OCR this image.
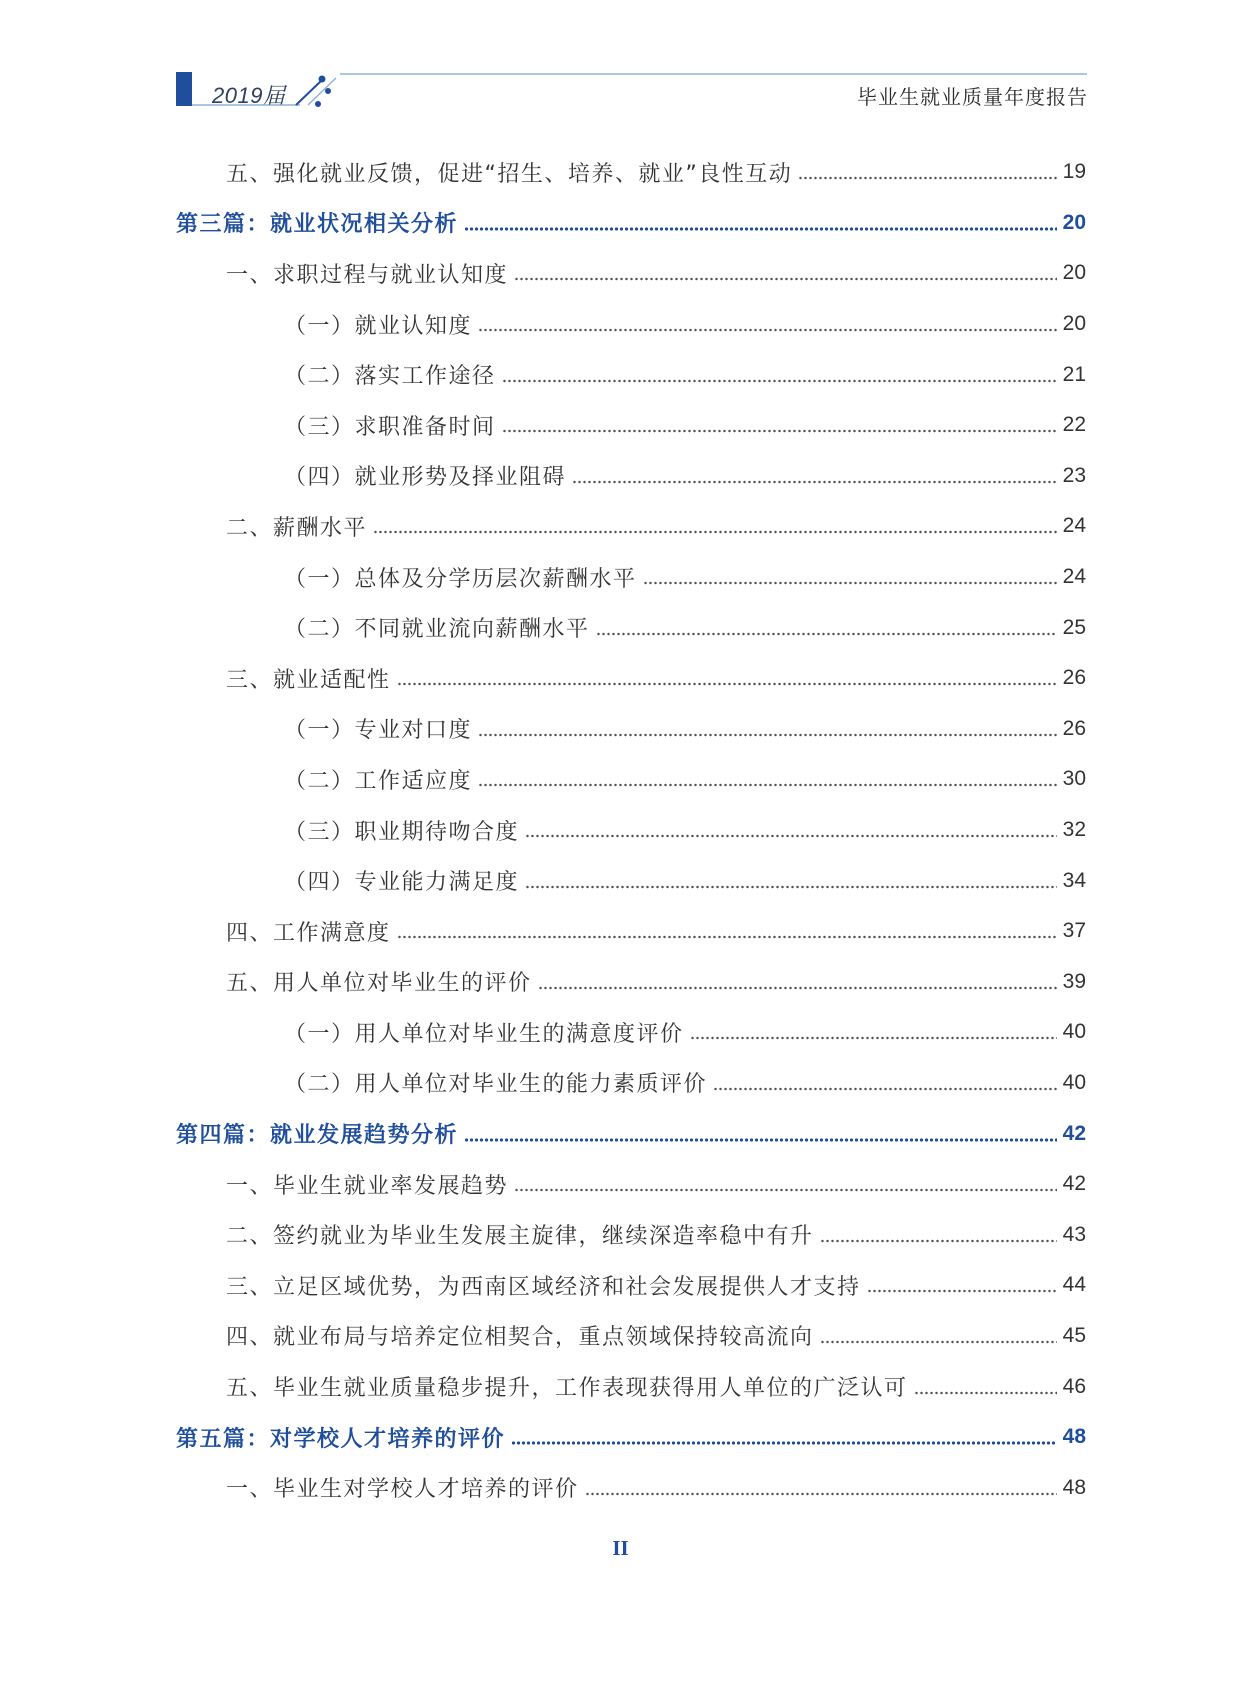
2019届	毕业生就业质量年度报告
五、强化就业反馈，促进“招生、培养、就业”良性互动	19
第三篇：就业状况相关分析	20
一、求职过程与就业认知度	20
（一）就业认知度	20
（二）落实工作途径	21
（三）求职准备时间	22
（四）就业形势及择业阻碍	23
二、薪酬水平	24
（一）总体及分学历层次薪酬水平	24
（二）不同就业流向薪酬水平	25
三、就业适配性	26
（一）专业对口度	26
（二）工作适应度	30
（三）职业期待吻合度	32
（四）专业能力满足度	34
四、工作满意度	37
五、用人单位对毕业生的评价	39
（一）用人单位对毕业生的满意度评价	40
（二）用人单位对毕业生的能力素质评价	40
第四篇：就业发展趋势分析	42
一、毕业生就业率发展趋势	42
二、签约就业为毕业生发展主旋律，继续深造率稳中有升	43
三、立足区域优势，为西南区域经济和社会发展提供人才支持	44
四、就业布局与培养定位相契合，重点领域保持较高流向	45
五、毕业生就业质量稳步提升，工作表现获得用人单位的广泛认可	46
第五篇：对学校人才培养的评价	48
一、毕业生对学校人才培养的评价	48
II
